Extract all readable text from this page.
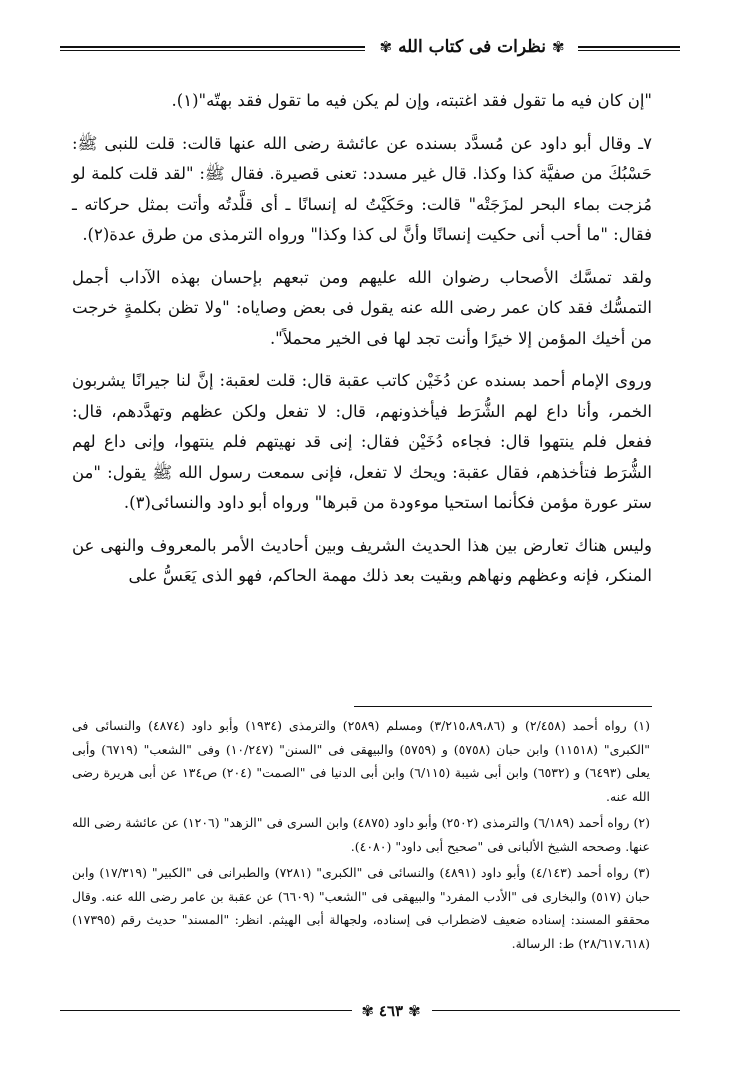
✾
نظرات فى كتاب الله
✾

"إن كان فيه ما تقول فقد اغتبته، وإن لم يكن فيه ما تقول فقد بهتّه"(١).

٧ـ وقال أبو داود عن مُسدَّد بسنده عن عائشة رضى الله عنها قالت: قلت للنبى ﷺ: حَسْبُكَ من صفيَّة كذا وكذا. قال غير مسدد: تعنى قصيرة. فقال ﷺ: "لقد قلت كلمة لو مُزجت بماء البحر لمزَجَتْه" قالت: وحَكَيْتُ له إنسانًا ـ أى قلَّدتُه وأتت بمثل حركاته ـ فقال: "ما أحب أنى حكيت إنسانًا وأنَّ لى كذا وكذا" ورواه الترمذى من طرق عدة(٢).

ولقد تمسَّك الأصحاب رضوان الله عليهم ومن تبعهم بإحسان بهذه الآداب أجمل التمسُّك فقد كان عمر رضى الله عنه يقول فى بعض وصاياه: "ولا تظن بكلمةٍ خرجت من أخيك المؤمن إلا خيرًا وأنت تجد لها فى الخير محملاً".

وروى الإمام أحمد بسنده عن دُخَيْن كاتب عقبة قال: قلت لعقبة: إنَّ لنا جيرانًا يشربون الخمر، وأنا داع لهم الشُّرَط فيأخذونهم، قال: لا تفعل ولكن عظهم وتهدَّدهم، قال: ففعل فلم ينتهوا قال: فجاءه دُخَيْن فقال: إنى قد نهيتهم فلم ينتهوا، وإنى داع لهم الشُّرَط فتأخذهم، فقال عقبة: ويحك لا تفعل، فإنى سمعت رسول الله ﷺ يقول: "من ستر عورة مؤمن فكأنما استحيا موءودة من قبرها" ورواه أبو داود والنسائى(٣).

وليس هناك تعارض بين هذا الحديث الشريف وبين أحاديث الأمر بالمعروف والنهى عن المنكر، فإنه وعظهم ونهاهم وبقيت بعد ذلك مهمة الحاكم، فهو الذى يَعَسُّ على

(١) رواه أحمد (٢/٤٥٨) و (٣/٢١٥،٨٩،٨٦) ومسلم (٢٥٨٩) والترمذى (١٩٣٤) وأبو داود (٤٨٧٤) والنسائى فى "الكبرى" (١١٥١٨) وابن حبان (٥٧٥٨) و (٥٧٥٩) والبيهقى فى "السنن" (١٠/٢٤٧) وفى "الشعب" (٦٧١٩) وأبى يعلى (٦٤٩٣) و (٦٥٣٢) وابن أبى شيبة (٦/١١٥) وابن أبى الدنيا فى "الصمت" (٢٠٤) ص١٣٤ عن أبى هريرة رضى الله عنه.

(٢) رواه أحمد (٦/١٨٩) والترمذى (٢٥٠٢) وأبو داود (٤٨٧٥) وابن السرى فى "الزهد" (١٢٠٦) عن عائشة رضى الله عنها. وصححه الشيخ الألبانى فى "صحيح أبى داود" (٤٠٨٠).

(٣) رواه أحمد (٤/١٤٣) وأبو داود (٤٨٩١) والنسائى فى "الكبرى" (٧٢٨١) والطبرانى فى "الكبير" (١٧/٣١٩) وابن حبان (٥١٧) والبخارى فى "الأدب المفرد" والبيهقى فى "الشعب" (٦٦٠٩) عن عقبة بن عامر رضى الله عنه. وقال محققو المسند: إسناده ضعيف لاضطراب فى إسناده، ولجهالة أبى الهيثم. انظر: "المسند" حديث رقم (١٧٣٩٥) (٢٨/٦١٧،٦١٨) ط: الرسالة.

✾
٤٦٣
✾
